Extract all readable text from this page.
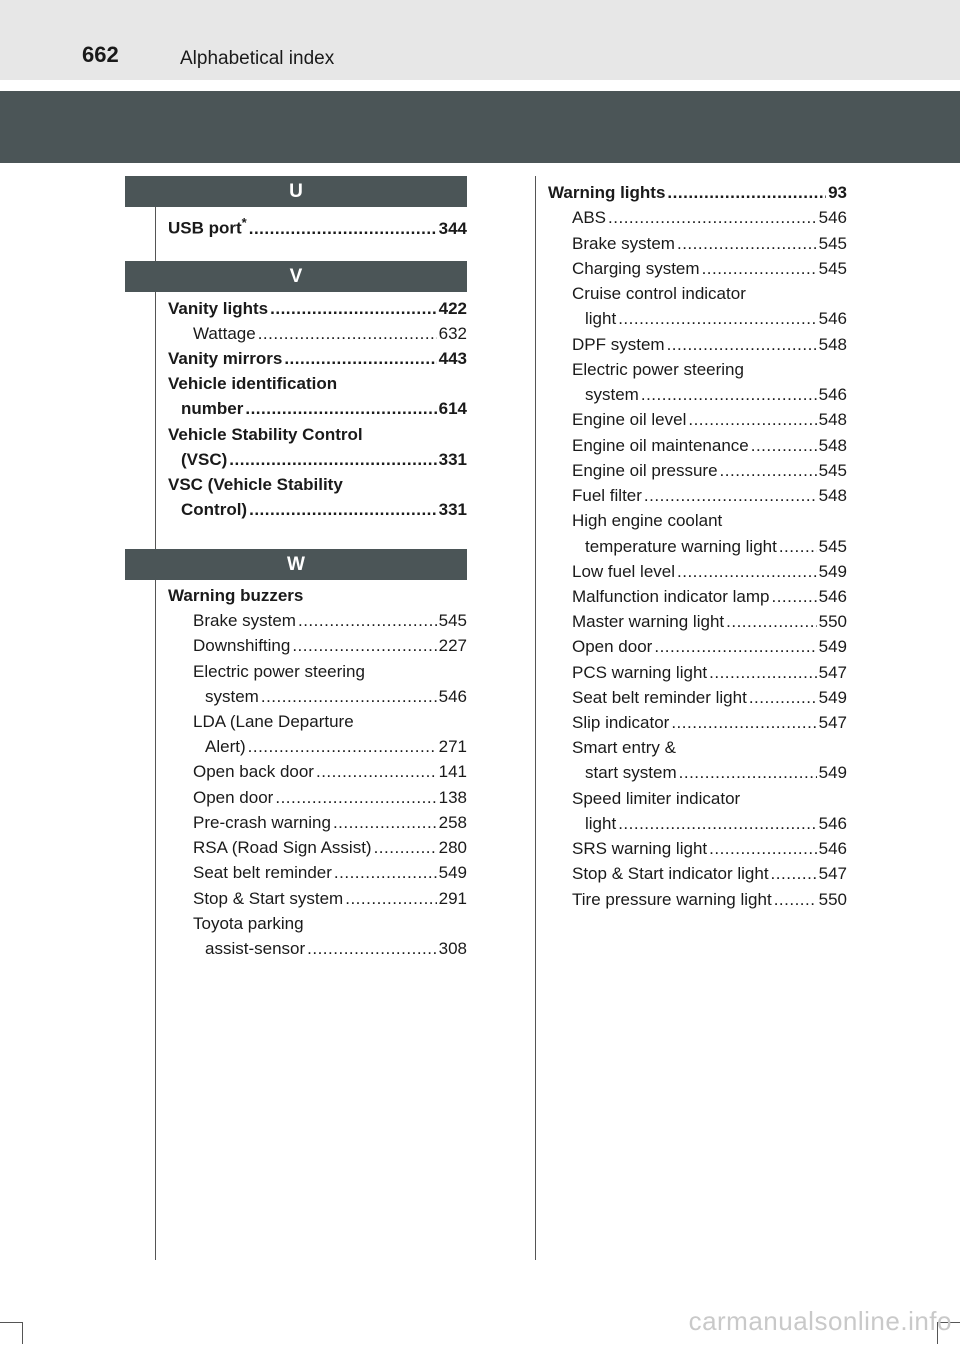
662	Alphabetical index
U
V
W
USB port* .....	344
Vanity lights .....	422
Wattage .....	632
Vanity mirrors .....	443
Vehicle identification
number .....	614
Vehicle Stability Control
(VSC) .....	331
VSC (Vehicle Stability
Control) .....	331
Warning buzzers
Brake system .....	545
Downshifting .....	227
Electric power steering
system .....	546
LDA (Lane Departure
Alert) .....	271
Open back door .....	141
Open door .....	138
Pre-crash warning .....	258
RSA (Road Sign Assist) .....	280
Seat belt reminder .....	549
Stop & Start system .....	291
Toyota parking
assist-sensor .....	308
Warning lights .....	93
ABS .....	546
Brake system .....	545
Charging system .....	545
Cruise control indicator
light .....	546
DPF system .....	548
Electric power steering
system .....	546
Engine oil level .....	548
Engine oil maintenance .....	548
Engine oil pressure .....	545
Fuel filter .....	548
High engine coolant
temperature warning light ..... 545
Low fuel level .....	549
Malfunction indicator lamp .....	546
Master warning light .....	550
Open door .....	549
PCS warning light .....	547
Seat belt reminder light .....	549
Slip indicator .....	547
Smart entry &
start system .....	549
Speed limiter indicator
light .....	546
SRS warning light .....	546
Stop & Start indicator light .....	547
Tire pressure warning light .....	550
carmanualsonline.info
